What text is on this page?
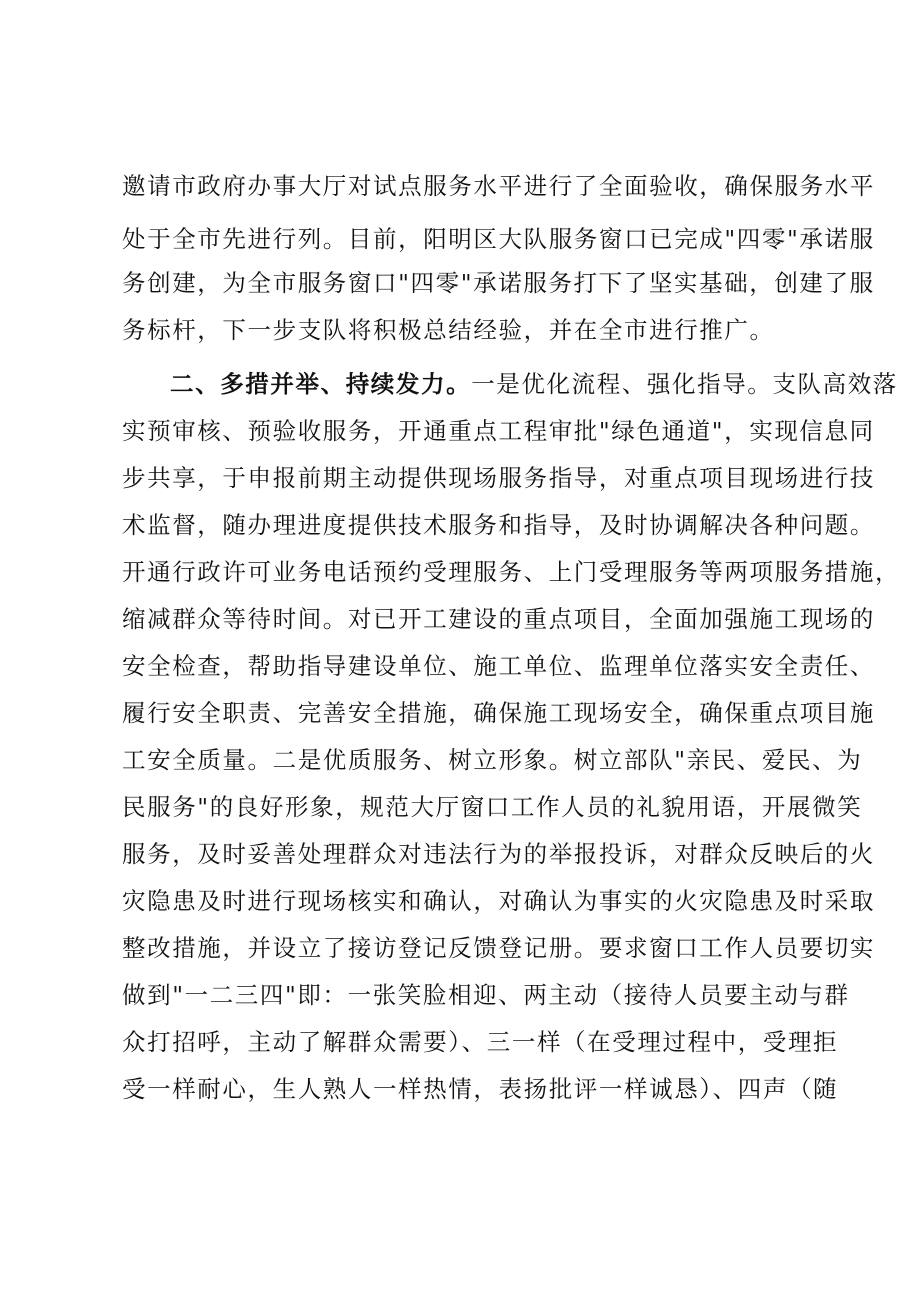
邀请市政府办事大厅对试点服务水平进行了全面验收，确保服务水平
处于全市先进行列。目前，阳明区大队服务窗口已完成"四零"承诺服
务创建，为全市服务窗口"四零"承诺服务打下了坚实基础，创建了服
务标杆，下一步支队将积极总结经验，并在全市进行推广。
二、多措并举、持续发力。一是优化流程、强化指导。支队高效落
实预审核、预验收服务，开通重点工程审批"绿色通道"，实现信息同
步共享，于申报前期主动提供现场服务指导，对重点项目现场进行技
术监督，随办理进度提供技术服务和指导，及时协调解决各种问题。
开通行政许可业务电话预约受理服务、上门受理服务等两项服务措施，
缩减群众等待时间。对已开工建设的重点项目，全面加强施工现场的
安全检查，帮助指导建设单位、施工单位、监理单位落实安全责任、
履行安全职责、完善安全措施，确保施工现场安全，确保重点项目施
工安全质量。二是优质服务、树立形象。树立部队"亲民、爱民、为
民服务"的良好形象，规范大厅窗口工作人员的礼貌用语，开展微笑
服务，及时妥善处理群众对违法行为的举报投诉，对群众反映后的火
灾隐患及时进行现场核实和确认，对确认为事实的火灾隐患及时采取
整改措施，并设立了接访登记反馈登记册。要求窗口工作人员要切实
做到"一二三四"即：一张笑脸相迎、两主动（接待人员要主动与群
众打招呼，主动了解群众需要）、三一样（在受理过程中，受理拒
受一样耐心，生人熟人一样热情，表扬批评一样诚恳）、四声（随
